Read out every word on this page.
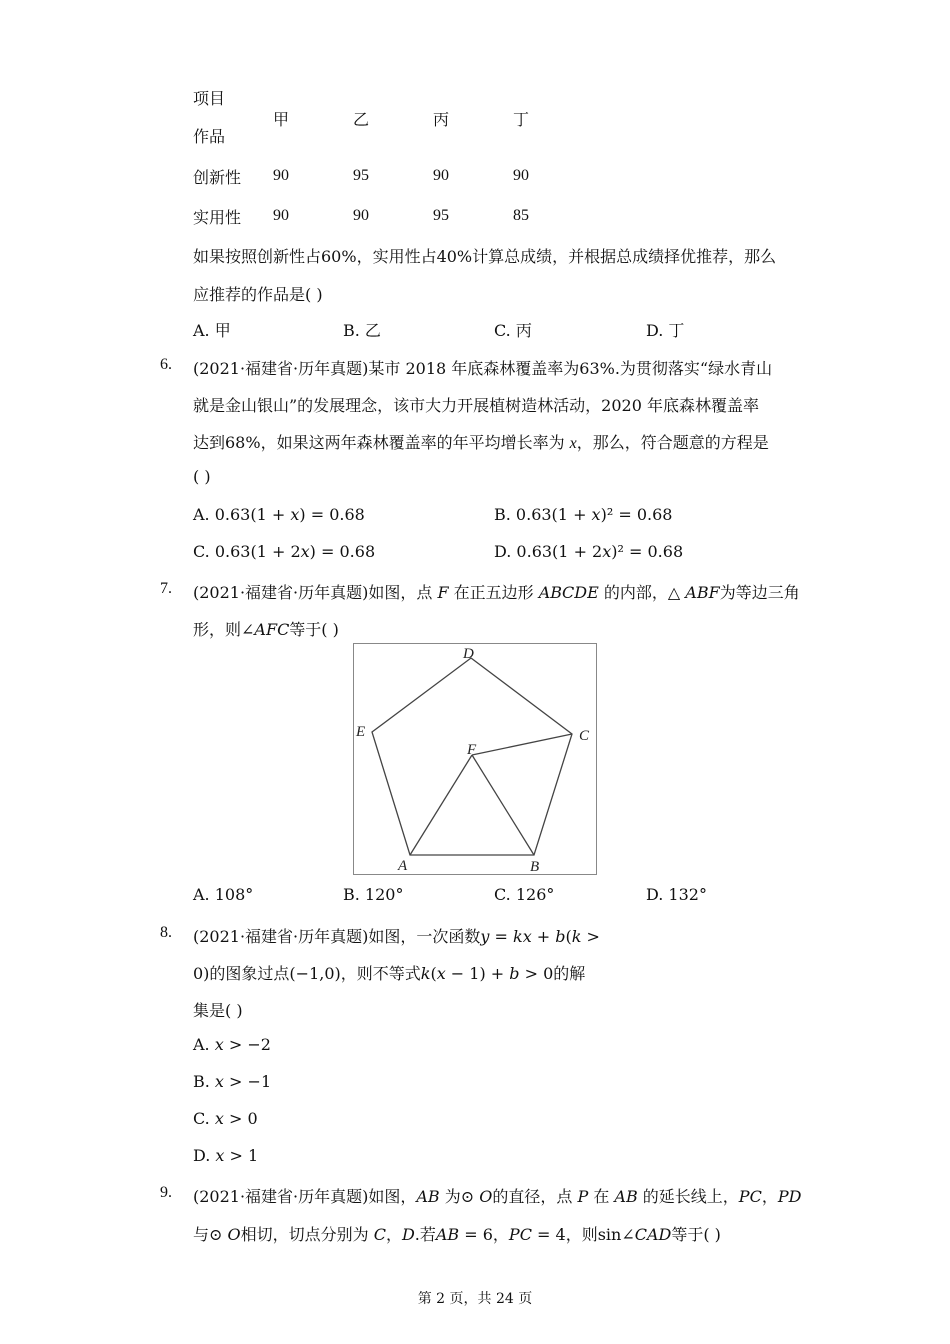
项目
作品	甲	乙	丙	丁
创新性	90	95	90	90
实用性	90	90	95	85
如果按照创新性占60%，实用性占40%计算总成绩，并根据总成绩择优推荐，那么
应推荐的作品是( )
A. 甲	B. 乙	C. 丙	D. 丁
6. (2021·福建省·历年真题)某市 2018 年底森林覆盖率为63%.为贯彻落实“绿水青山
就是金山银山”的发展理念，该市大力开展植树造林活动，2020 年底森林覆盖率
达到68%，如果这两年森林覆盖率的年平均增长率为 x，那么，符合题意的方程是
( )
A. 0.63(1 + 𝑥) = 0.68	B. 0.63(1 + 𝑥)² = 0.68
C. 0.63(1 + 2𝑥) = 0.68	D. 0.63(1 + 2𝑥)² = 0.68
7. (2021·福建省·历年真题)如图，点 𝐹 在正五边形 𝐴𝐵𝐶𝐷𝐸 的内部，△ 𝐴𝐵𝐹为等边三角
形，则∠𝐴𝐹𝐶等于( )
D
C
E
F
A	B
A. 108°	B. 120°	C. 126°	D. 132°
8. (2021·福建省·历年真题)如图，一次函数𝑦 = 𝑘𝑥 + 𝑏(𝑘 >
0)的图象过点(−1,0)，则不等式𝑘(𝑥 − 1) + 𝑏 > 0的解
集是( )
A. 𝑥 > −2
B. 𝑥 > −1
C. 𝑥 > 0
D. 𝑥 > 1
9. (2021·福建省·历年真题)如图，𝐴𝐵 为⊙ 𝑂的直径，点 𝑃 在 𝐴𝐵 的延长线上，𝑃𝐶，𝑃𝐷
与⊙ 𝑂相切，切点分别为 𝐶，𝐷.若𝐴𝐵 = 6，𝑃𝐶 = 4，则sin∠𝐶𝐴𝐷等于( )
第 2 页，共 24 页
